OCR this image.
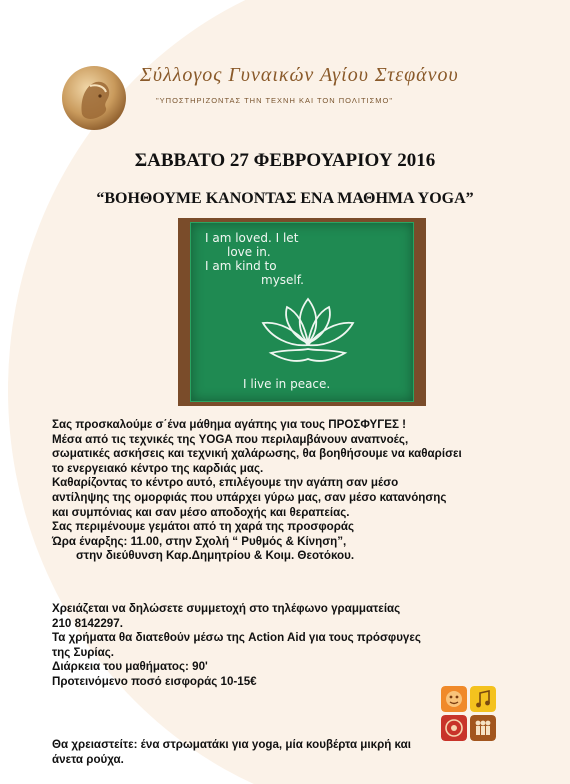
Σύλλογος Γυναικών Αγίου Στεφάνου
"ΥΠΟΣΤΗΡΙΖΟΝΤΑΣ ΤΗΝ ΤΕΧΝΗ ΚΑΙ ΤΟΝ ΠΟΛΙΤΙΣΜΟ"
ΣΑΒΒΑΤΟ 27 ΦΕΒΡΟΥΑΡΙΟΥ 2016
“ΒΟΗΘΟΥΜΕ ΚΑΝΟΝΤΑΣ ΕΝΑ ΜΑΘΗΜΑ YOGA”
I am loved. I let
love in.
I am kind to
myself.
I live in peace.

Σας προσκαλούμε σ΄ένα μάθημα αγάπης για τους ΠΡΟΣΦΥΓΕΣ !

Μέσα από τις τεχνικές της YOGA που περιλαμβάνουν αναπνοές,

σωματικές ασκήσεις και τεχνική χαλάρωσης, θα βοηθήσουμε να καθαρίσει

το ενεργειακό κέντρο της καρδιάς μας.

Καθαρίζοντας το κέντρο αυτό, επιλέγουμε την αγάπη σαν μέσο

αντίληψης της ομορφιάς που υπάρχει γύρω μας, σαν μέσο κατανόησης

και συμπόνιας και σαν μέσο αποδοχής και θεραπείας.

Σας περιμένουμε γεμάτοι από τη χαρά της προσφοράς

Ώρα έναρξης: 11.00, στην Σχολή “ Ρυθμός & Κίνηση”,

στην διεύθυνση Καρ.Δημητρίου & Κοιμ. Θεοτόκου.

Χρειάζεται να δηλώσετε συμμετοχή στο τηλέφωνο γραμματείας

210 8142297.

Τα χρήματα θα διατεθούν μέσω της Action Aid για τους πρόσφυγες

της Συρίας.

Διάρκεια του μαθήματος: 90'

Προτεινόμενο ποσό εισφοράς 10-15€

Θα χρειαστείτε: ένα στρωματάκι για yoga, μία κουβέρτα μικρή και

άνετα ρούχα.
